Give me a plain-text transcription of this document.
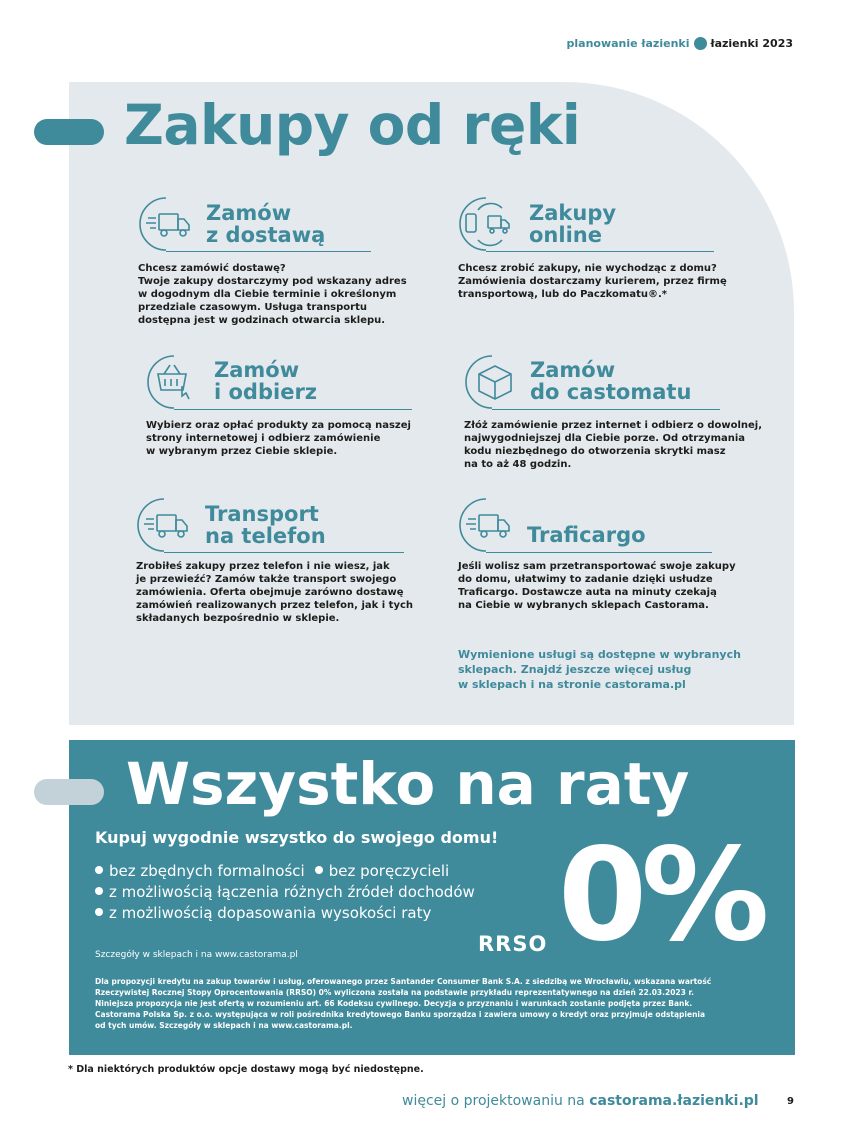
planowanie łazienki łazienki 2023
Zakupy od ręki
Zamów
z dostawą
Chcesz zamówić dostawę?
Twoje zakupy dostarczymy pod wskazany adres
w dogodnym dla Ciebie terminie i określonym
przedziale czasowym. Usługa transportu
dostępna jest w godzinach otwarcia sklepu.
Zakupy
online
Chcesz zrobić zakupy, nie wychodząc z domu?
Zamówienia dostarczamy kurierem, przez firmę
transportową, lub do Paczkomatu®.*
Zamów
i odbierz
Wybierz oraz opłać produkty za pomocą naszej
strony internetowej i odbierz zamówienie
w wybranym przez Ciebie sklepie.
Zamów
do castomatu
Złóż zamówienie przez internet i odbierz o dowolnej,
najwygodniejszej dla Ciebie porze. Od otrzymania
kodu niezbędnego do otworzenia skrytki masz
na to aż 48 godzin.
Transport
na telefon
Zrobiłeś zakupy przez telefon i nie wiesz, jak
je przewieźć? Zamów także transport swojego
zamówienia. Oferta obejmuje zarówno dostawę
zamówień realizowanych przez telefon, jak i tych
składanych bezpośrednio w sklepie.
Traficargo
Jeśli wolisz sam przetransportować swoje zakupy
do domu, ułatwimy to zadanie dzięki usłudze
Traficargo. Dostawcze auta na minuty czekają
na Ciebie w wybranych sklepach Castorama.
Wymienione usługi są dostępne w wybranych
sklepach. Znajdź jeszcze więcej usług
w sklepach i na stronie castorama.pl
Wszystko na raty
Kupuj wygodnie wszystko do swojego domu!
bez zbędnych formalności bez poręczycieli
z możliwością łączenia różnych źródeł dochodów
z możliwością dopasowania wysokości raty
RRSO 0%
Szczegóły w sklepach i na www.castorama.pl
Dla propozycji kredytu na zakup towarów i usług, oferowanego przez Santander Consumer Bank S.A. z siedzibą we Wrocławiu, wskazana wartość
Rzeczywistej Rocznej Stopy Oprocentowania (RRSO) 0% wyliczona została na podstawie przykładu reprezentatywnego na dzień 22.03.2023 r.
Niniejsza propozycja nie jest ofertą w rozumieniu art. 66 Kodeksu cywilnego. Decyzja o przyznaniu i warunkach zostanie podjęta przez Bank.
Castorama Polska Sp. z o.o. występująca w roli pośrednika kredytowego Banku sporządza i zawiera umowy o kredyt oraz przyjmuje odstąpienia
od tych umów. Szczegóły w sklepach i na www.castorama.pl.
* Dla niektórych produktów opcje dostawy mogą być niedostępne.
więcej o projektowaniu na castorama.łazienki.pl	9
